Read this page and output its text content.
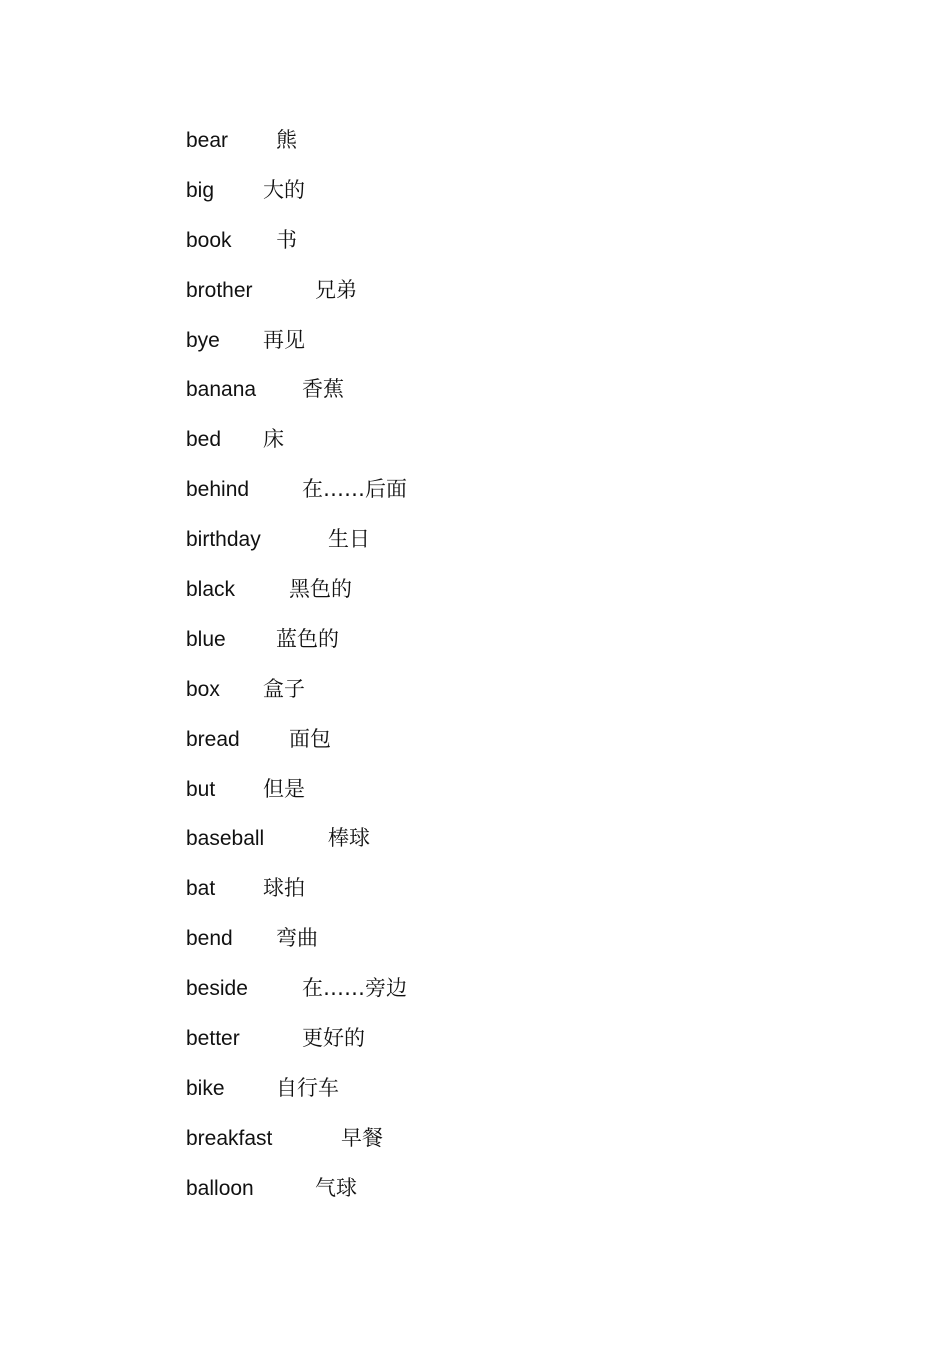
bear 熊
big 大的
book 书
brother	兄弟
bye 再见
banana 香蕉
bed 床
behind	在……后面
birthday	生日
black	黑色的
blue 蓝色的
box 盒子
bread 面包
but 但是
baseball	棒球
bat 球拍
bend 弯曲
beside	在……旁边
better	更好的
bike 自行车
breakfast	早餐
balloon	气球
